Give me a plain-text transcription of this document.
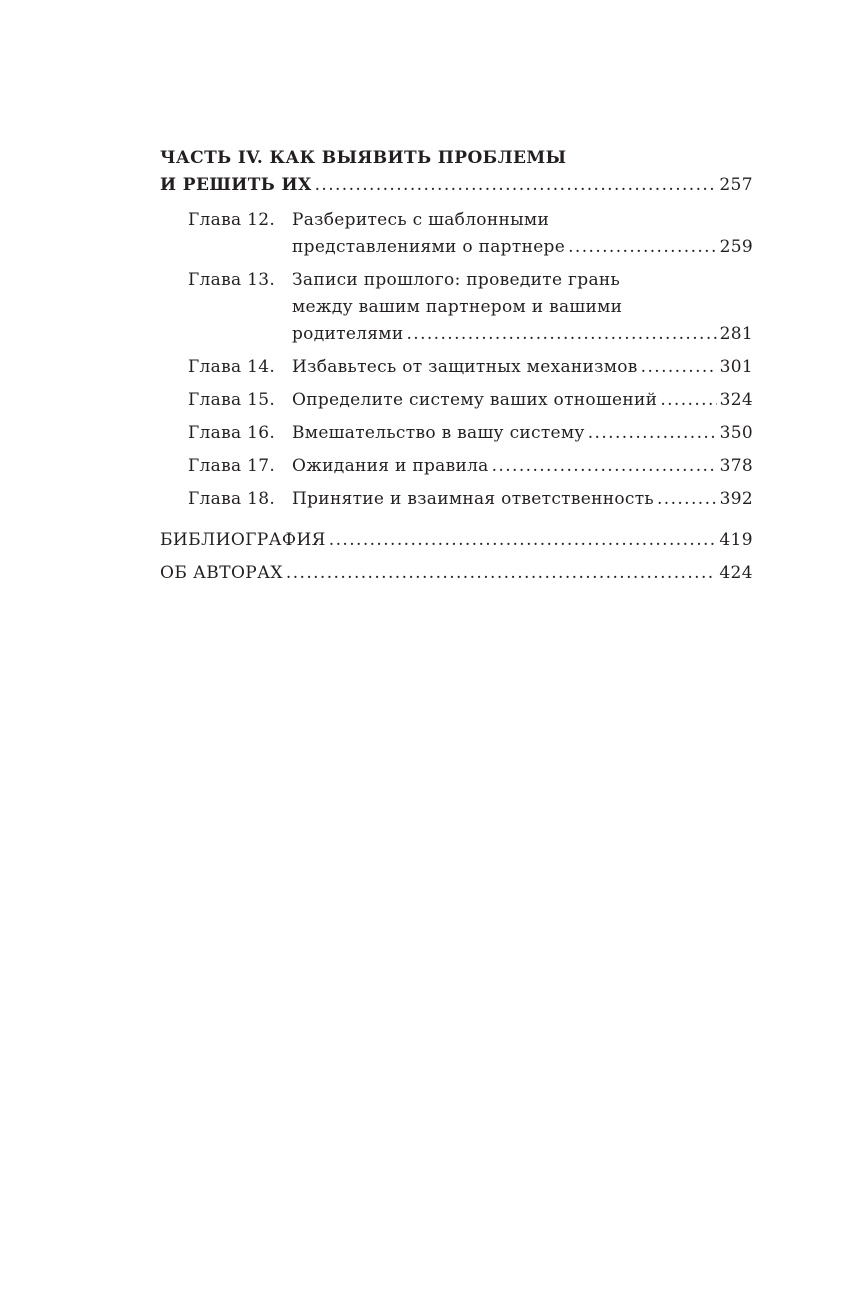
ЧАСТЬ IV. КАК ВЫЯВИТЬ ПРОБЛЕМЫ
И РЕШИТЬ ИХ .....	257
Глава 12. Разберитесь с шаблонными
представлениями о партнере .....	259
Глава 13. Записи прошлого: проведите грань
между вашим партнером и вашими
родителями .....	281
Глава 14. Избавьтесь от защитных механизмов .....	301
Глава 15. Определите систему ваших отношений .....	324
Глава 16. Вмешательство в вашу систему .....	350
Глава 17. Ожидания и правила .....	378
Глава 18. Принятие и взаимная ответственность .....	392
БИБЛИОГРАФИЯ .....	419
ОБ АВТОРАХ .....	424
